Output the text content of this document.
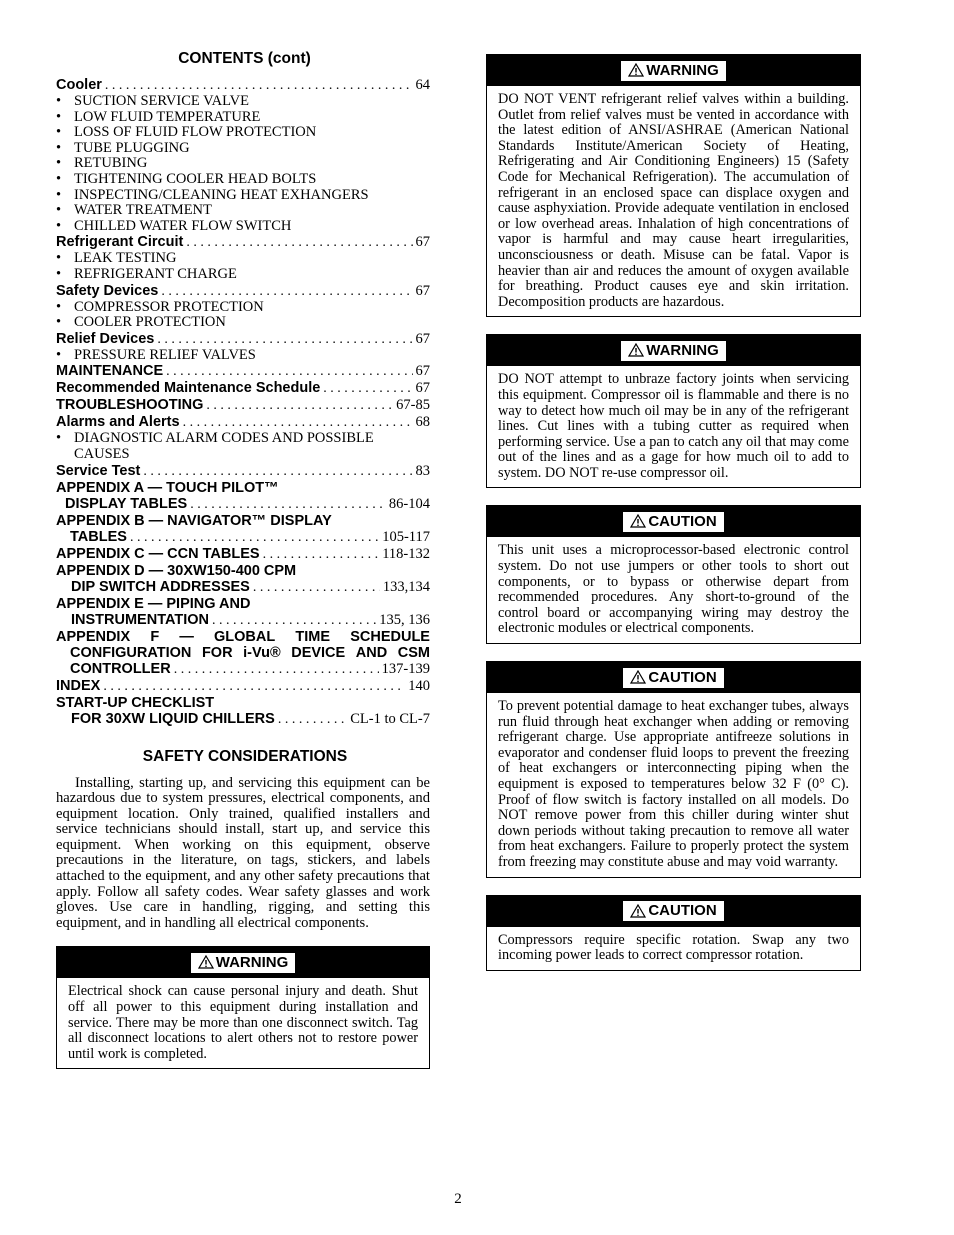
CONTENTS (cont)
Cooler . . .	64
• SUCTION SERVICE VALVE
• LOW FLUID TEMPERATURE
• LOSS OF FLUID FLOW PROTECTION
• TUBE PLUGGING
• RETUBING
• TIGHTENING COOLER HEAD BOLTS
• INSPECTING/CLEANING HEAT EXHANGERS
• WATER TREATMENT
• CHILLED WATER FLOW SWITCH
Refrigerant Circuit . . .	67
• LEAK TESTING
• REFRIGERANT CHARGE
Safety Devices . . .	67
• COMPRESSOR PROTECTION
• COOLER PROTECTION
Relief Devices . . .	67
• PRESSURE RELIEF VALVES
MAINTENANCE . . .	67
Recommended Maintenance Schedule . . .	67
TROUBLESHOOTING . . .	67-85
Alarms and Alerts . . .	68
• DIAGNOSTIC ALARM CODES AND POSSIBLE
CAUSES
Service Test . . .	83
APPENDIX A — TOUCH PILOT™
DISPLAY TABLES . . .	86-104
APPENDIX B — NAVIGATOR™ DISPLAY
TABLES . . .	105-117
APPENDIX C — CCN TABLES . . .	118-132
APPENDIX D — 30XW150-400 CPM
DIP SWITCH ADDRESSES . . .	133,134
APPENDIX E — PIPING AND
INSTRUMENTATION . . .	135, 136
APPENDIX F — GLOBAL TIME SCHEDULE
CONFIGURATION FOR i-Vu® DEVICE AND CSM
CONTROLLER . . .	137-139
INDEX . . .	140
START-UP CHECKLIST
FOR 30XW LIQUID CHILLERS . . .	CL-1 to CL-7
SAFETY CONSIDERATIONS

Installing, starting up, and servicing this equipment can be hazardous due to system pressures, electrical components, and equipment location. Only trained, qualified installers and service technicians should install, start up, and service this equipment. When working on this equipment, observe precautions in the literature, on tags, stickers, and labels attached to the equipment, and any other safety precautions that apply. Follow all safety codes. Wear safety glasses and work gloves. Use care in handling, rigging, and setting this equipment, and in handling all electrical components.

WARNING
Electrical shock can cause personal injury and death. Shut off all power to this equipment during installation and service. There may be more than one disconnect switch. Tag all disconnect locations to alert others not to restore power until work is completed.
WARNING
DO NOT VENT refrigerant relief valves within a building. Outlet from relief valves must be vented in accordance with the latest edition of ANSI/ASHRAE (American National Standards Institute/American Society of Heating, Refrigerating and Air Conditioning Engineers) 15 (Safety Code for Mechanical Refrigeration). The accumulation of refrigerant in an enclosed space can displace oxygen and cause asphyxiation. Provide adequate ventilation in enclosed or low overhead areas. Inhalation of high concentrations of vapor is harmful and may cause heart irregularities, unconsciousness or death. Misuse can be fatal. Vapor is heavier than air and reduces the amount of oxygen available for breathing. Product causes eye and skin irritation. Decomposition products are hazardous.
WARNING
DO NOT attempt to unbraze factory joints when servicing this equipment. Compressor oil is flammable and there is no way to detect how much oil may be in any of the refrigerant lines. Cut lines with a tubing cutter as required when performing service. Use a pan to catch any oil that may come out of the lines and as a gage for how much oil to add to system. DO NOT re-use compressor oil.
CAUTION
This unit uses a microprocessor-based electronic control system. Do not use jumpers or other tools to short out components, or to bypass or otherwise depart from recommended procedures. Any short-to-ground of the control board or accompanying wiring may destroy the electronic modules or electrical components.
CAUTION
To prevent potential damage to heat exchanger tubes, always run fluid through heat exchanger when adding or removing refrigerant charge. Use appropriate antifreeze solutions in evaporator and condenser fluid loops to prevent the freezing of heat exchangers or interconnecting piping when the equipment is exposed to temperatures below 32 F (0° C). Proof of flow switch is factory installed on all models. Do NOT remove power from this chiller during winter shut down periods without taking precaution to remove all water from heat exchangers. Failure to properly protect the system from freezing may constitute abuse and may void warranty.
CAUTION
Compressors require specific rotation. Swap any two incoming power leads to correct compressor rotation.
2
